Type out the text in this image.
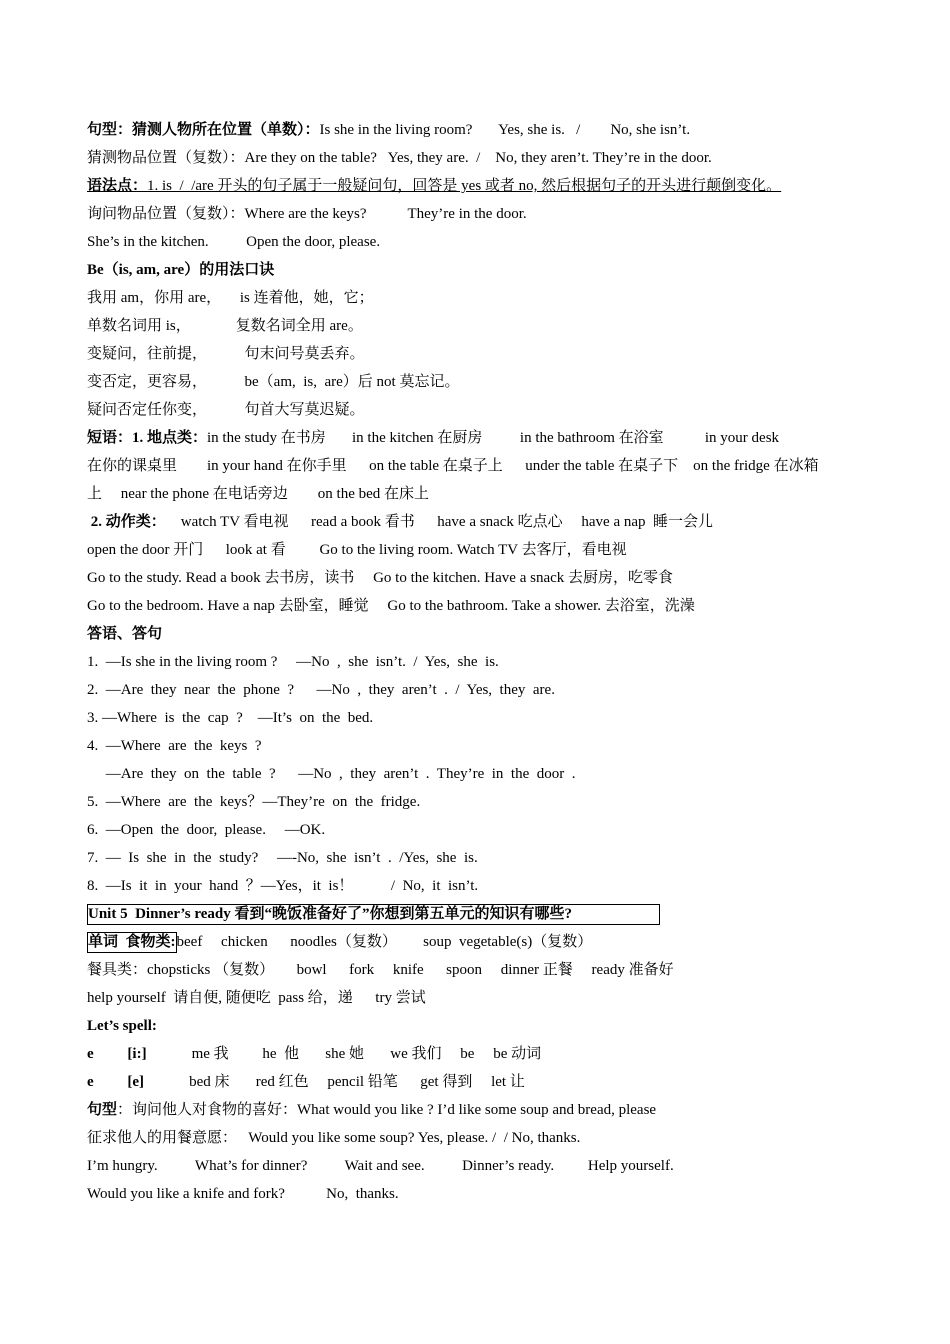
句型：猜测人物所在位置（单数）：Is she in the living room?       Yes, she is.   /        No, she isn’t.
猜测物品位置（复数）：Are they on the table?   Yes, they are.  /    No, they aren’t. They’re in the door.
语法点：1. is  /  /are 开头的句子属于一般疑问句，回答是 yes 或者 no, 然后根据句子的开头进行颠倒变化。
询问物品位置（复数）：Where are the keys?           They’re in the door.
She’s in the kitchen.          Open the door, please.
Be（is, am, are）的用法口诀
我用 am，你用 are，     is 连着他，她，它；
单数名词用 is，            复数名词全用 are。
变疑问，往前提，          句末问号莫丢弃。
变否定，更容易，          be（am,  is,  are）后 not 莫忘记。
疑问否定任你变，          句首大写莫迟疑。
短语：1. 地点类：in the study 在书房       in the kitchen 在厨房          in the bathroom 在浴室           in your desk
在你的课桌里        in your hand 在你手里      on the table 在桌子上      under the table 在桌子下    on the fridge 在冰箱
上     near the phone 在电话旁边        on the bed 在床上
2. 动作类：    watch TV 看电视      read a book 看书      have a snack 吃点心     have a nap  睡一会儿
open the door 开门      look at 看         Go to the living room. Watch TV 去客厅，看电视
Go to the study. Read a book 去书房，读书     Go to the kitchen. Have a snack 去厨房，吃零食
Go to the bedroom. Have a nap 去卧室，睡觉     Go to the bathroom. Take a shower. 去浴室，洗澡
答语、答句
1.  —Is she in the living room ?     —No  ,  she  isn’t.  /  Yes,  she  is.
2.  —Are  they  near  the  phone  ?      —No  ,  they  aren’t  .  /  Yes,  they  are.
3. —Where  is  the  cap  ?    —It’s  on  the  bed.
4.  —Where  are  the  keys  ?
—Are  they  on  the  table  ?      —No  ,  they  aren’t  .  They’re  in  the  door  .
5.  —Where  are  the  keys？—They’re  on  the  fridge.
6.  —Open  the  door,  please.     —OK.
7.  —  Is  she  in  the  study?     —-No,  she  isn’t  .  /Yes,  she  is.
8.  —Is  it  in  your  hand  ？—Yes，it  is！          /  No,  it  isn’t.
Unit 5  Dinner’s ready 看到“晚饭准备好了”你想到第五单元的知识有哪些?
单词  食物类:beef     chicken      noodles（复数）       soup  vegetable(s)（复数）
餐具类：chopsticks （复数）      bowl      fork     knife      spoon     dinner 正餐     ready 准备好
help yourself  请自便, 随便吃  pass 给，递      try 尝试
Let’s spell:
e         [i:]            me 我         he  他       she 她       we 我们     be     be 动词
e         [e]            bed 床       red 红色     pencil 铅笔      get 得到     let 让
句型：询问他人对食物的喜好：What would you like ? I’d like some soup and bread, please
征求他人的用餐意愿：   Would you like some soup? Yes, please. /  / No, thanks.
I’m hungry.          What’s for dinner?          Wait and see.          Dinner’s ready.         Help yourself.
Would you like a knife and fork?           No,  thanks.
